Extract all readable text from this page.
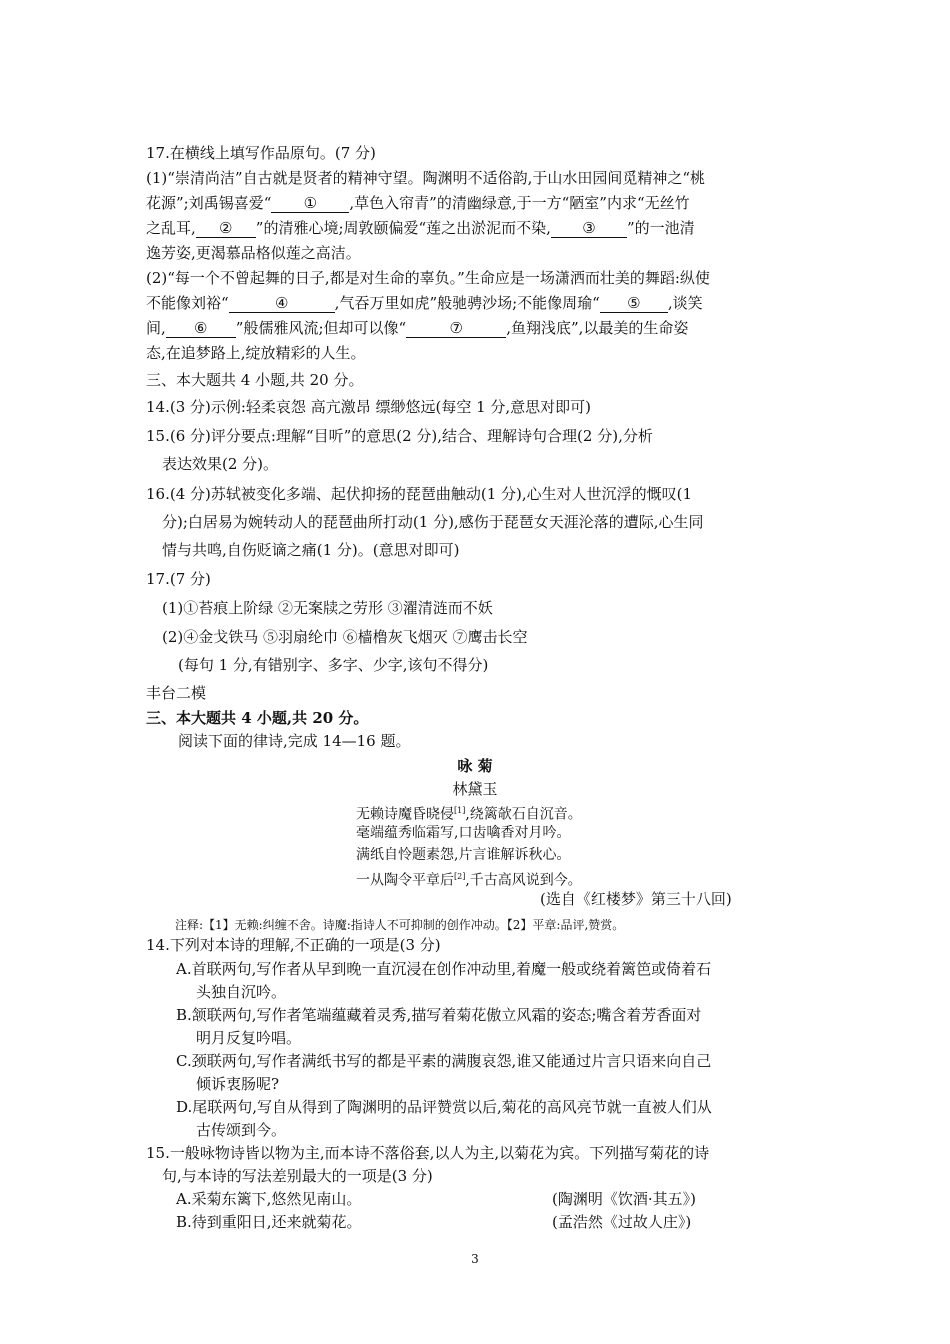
17.在横线上填写作品原句。(7 分)
(1)“崇清尚洁”自古就是贤者的精神守望。陶渊明不适俗韵,于山水田园间觅精神之“桃
花源”;刘禹锡喜爱“ ① ,草色入帘青”的清幽绿意,于一方“陋室”内求“无丝竹
之乱耳, ② ”的清雅心境;周敦颐偏爱“莲之出淤泥而不染, ③ ”的一池清
逸芳姿,更渴慕品格似莲之高洁。
(2)“每一个不曾起舞的日子,都是对生命的辜负。”生命应是一场潇洒而壮美的舞蹈:纵使
不能像刘裕“	④	,气吞万里如虎”般驰骋沙场;不能像周瑜“ ⑤ ,谈笑
间, ⑥ ”般儒雅风流;但却可以像“	⑦	,鱼翔浅底”,以最美的生命姿
态,在追梦路上,绽放精彩的人生。
三、本大题共 4 小题,共 20 分。
14.(3 分)示例:轻柔哀怨 高亢激昂 缥缈悠远(每空 1 分,意思对即可)
15.(6 分)评分要点:理解“目听”的意思(2 分),结合、理解诗句合理(2 分),分析
表达效果(2 分)。
16.(4 分)苏轼被变化多端、起伏抑扬的琵琶曲触动(1 分),心生对人世沉浮的慨叹(1
分);白居易为婉转动人的琵琶曲所打动(1 分),感伤于琵琶女天涯沦落的遭际,心生同
情与共鸣,自伤贬谪之痛(1 分)。(意思对即可)
17.(7 分)
(1)①苔痕上阶绿 ②无案牍之劳形 ③濯清涟而不妖
(2)④金戈铁马 ⑤羽扇纶巾 ⑥樯橹灰飞烟灭 ⑦鹰击长空
(每句 1 分,有错别字、多字、少字,该句不得分)
丰台二模
三、本大题共 4 小题,共 20 分。
阅读下面的律诗,完成 14—16 题。
咏 菊
林黛玉
无赖诗魔昏晓侵[1],绕篱欹石自沉音。
毫端蕴秀临霜写,口齿噙香对月吟。
满纸自怜题素怨,片言谁解诉秋心。
一从陶令平章后[2],千古高风说到今。
(选自《红楼梦》第三十八回)
注释:【1】无赖:纠缠不舍。诗魔:指诗人不可抑制的创作冲动。【2】平章:品评,赞赏。
14.下列对本诗的理解,不正确的一项是(3 分)
A.首联两句,写作者从早到晚一直沉浸在创作冲动里,着魔一般或绕着篱笆或倚着石
头独自沉吟。
B.颔联两句,写作者笔端蕴藏着灵秀,描写着菊花傲立风霜的姿态;嘴含着芳香面对
明月反复吟唱。
C.颈联两句,写作者满纸书写的都是平素的满腹哀怨,谁又能通过片言只语来向自己
倾诉衷肠呢?
D.尾联两句,写自从得到了陶渊明的品评赞赏以后,菊花的高风亮节就一直被人们从
古传颂到今。
15.一般咏物诗皆以物为主,而本诗不落俗套,以人为主,以菊花为宾。下列描写菊花的诗
句,与本诗的写法差别最大的一项是(3 分)
A.采菊东篱下,悠然见南山。	(陶渊明《饮酒·其五》)
B.待到重阳日,还来就菊花。	(孟浩然《过故人庄》)
3
